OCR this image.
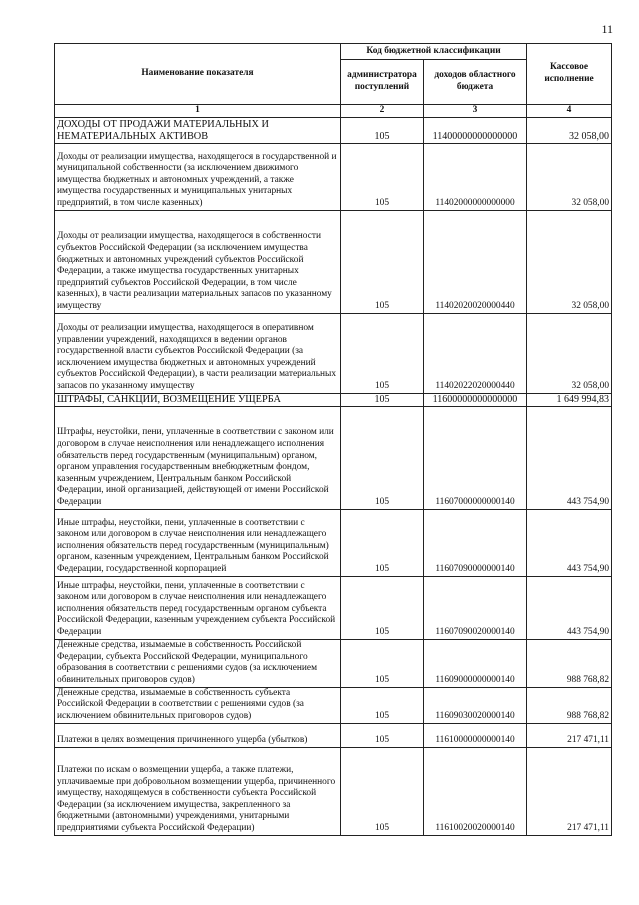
11
Наименование показателя	Код бюджетной классификации		Кассовое исполнение
	администратора поступлений	доходов областного бюджета	
1	2	3	4
ДОХОДЫ ОТ ПРОДАЖИ МАТЕРИАЛЬНЫХ И НЕМАТЕРИАЛЬНЫХ АКТИВОВ	105	11400000000000000	32 058,00
Доходы от реализации имущества, находящегося в государственной и муниципальной собственности (за исключением движимого имущества бюджетных и автономных учреждений, а также имущества государственных и муниципальных унитарных предприятий, в том числе казенных)	105	11402000000000000	32 058,00
Доходы от реализации имущества, находящегося в собственности субъектов Российской Федерации (за исключением имущества бюджетных и автономных учреждений субъектов Российской Федерации, а также имущества государственных унитарных предприятий субъектов Российской Федерации, в том числе казенных), в части реализации материальных запасов по указанному имуществу	105	11402020020000440	32 058,00
Доходы от реализации имущества, находящегося в оперативном управлении учреждений, находящихся в ведении органов государственной власти субъектов Российской Федерации (за исключением имущества бюджетных и автономных учреждений субъектов Российской Федерации), в части реализации материальных запасов по указанному имуществу	105	11402022020000440	32 058,00
ШТРАФЫ, САНКЦИИ, ВОЗМЕЩЕНИЕ УЩЕРБА	105	11600000000000000	1 649 994,83
Штрафы, неустойки, пени, уплаченные в соответствии с законом или договором в случае неисполнения или ненадлежащего исполнения обязательств перед государственным (муниципальным) органом, органом управления государственным внебюджетным фондом, казенным учреждением, Центральным банком Российской Федерации, иной организацией, действующей от имени Российской Федерации	105	11607000000000140	443 754,90
Иные штрафы, неустойки, пени, уплаченные в соответствии с законом или договором в случае неисполнения или ненадлежащего исполнения обязательств перед государственным (муниципальным) органом, казенным учреждением, Центральным банком Российской Федерации, государственной корпорацией	105	11607090000000140	443 754,90
Иные штрафы, неустойки, пени, уплаченные в соответствии с законом или договором в случае неисполнения или ненадлежащего исполнения обязательств перед государственным органом субъекта Российской Федерации, казенным учреждением субъекта Российской Федерации	105	11607090020000140	443 754,90
Денежные средства, изымаемые в собственность Российской Федерации, субъекта Российской Федерации, муниципального образования в соответствии с решениями судов (за исключением обвинительных приговоров судов)	105	11609000000000140	988 768,82
Денежные средства, изымаемые в собственность субъекта Российской Федерации в соответствии с решениями судов (за исключением обвинительных приговоров судов)	105	11609030020000140	988 768,82
Платежи в целях возмещения причиненного ущерба (убытков)	105	11610000000000140	217 471,11
Платежи по искам о возмещении ущерба, а также платежи, уплачиваемые при добровольном возмещении ущерба, причиненного имуществу, находящемуся в собственности субъекта Российской Федерации (за исключением имущества, закрепленного за бюджетными (автономными) учреждениями, унитарными предприятиями субъекта Российской Федерации)	105	11610020020000140	217 471,11
